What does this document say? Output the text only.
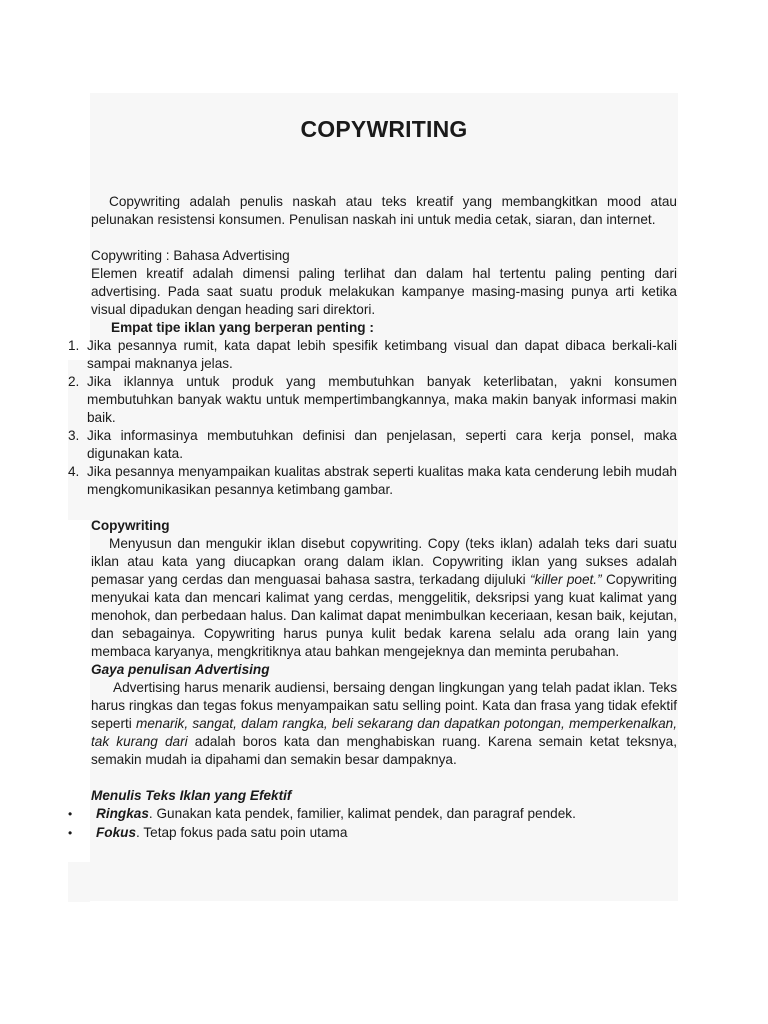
COPYWRITING

Copywriting adalah penulis naskah atau teks kreatif yang membangkitkan mood atau pelunakan resistensi konsumen. Penulisan naskah ini untuk media cetak, siaran, dan internet.

Copywriting : Bahasa Advertising

Elemen kreatif adalah dimensi paling terlihat dan dalam hal tertentu paling penting dari advertising. Pada saat suatu produk melakukan kampanye masing-masing punya arti ketika visual dipadukan dengan heading sari direktori.

Empat tipe iklan yang berperan penting :

1. Jika pesannya rumit, kata dapat lebih spesifik ketimbang visual dan dapat dibaca berkali-kali sampai maknanya jelas.
2. Jika iklannya untuk produk yang membutuhkan banyak keterlibatan, yakni konsumen membutuhkan banyak waktu untuk mempertimbangkannya, maka makin banyak informasi makin baik.
3. Jika informasinya membutuhkan definisi dan penjelasan, seperti cara kerja ponsel, maka digunakan kata.
4. Jika pesannya menyampaikan kualitas abstrak seperti kualitas maka kata cenderung lebih mudah mengkomunikasikan pesannya ketimbang gambar.

Copywriting

Menyusun dan mengukir iklan disebut copywriting. Copy (teks iklan) adalah teks dari suatu iklan atau kata yang diucapkan orang dalam iklan. Copywriting iklan yang sukses adalah pemasar yang cerdas dan menguasai bahasa sastra, terkadang dijuluki “killer poet.” Copywriting menyukai kata dan mencari kalimat yang cerdas, menggelitik, deksripsi yang kuat kalimat yang menohok, dan perbedaan halus. Dan kalimat dapat menimbulkan keceriaan, kesan baik, kejutan, dan sebagainya. Copywriting harus punya kulit bedak karena selalu ada orang lain yang membaca karyanya, mengkritiknya atau bahkan mengejeknya dan meminta perubahan.

Gaya penulisan Advertising

Advertising harus menarik audiensi, bersaing dengan lingkungan yang telah padat iklan. Teks harus ringkas dan tegas fokus menyampaikan satu selling point. Kata dan frasa yang tidak efektif seperti menarik, sangat, dalam rangka, beli sekarang dan dapatkan potongan, memperkenalkan, tak kurang dari adalah boros kata dan menghabiskan ruang. Karena semain ketat teksnya, semakin mudah ia dipahami dan semakin besar dampaknya.

Menulis Teks Iklan yang Efektif

• Ringkas. Gunakan kata pendek, familier, kalimat pendek, dan paragraf pendek.
• Fokus. Tetap fokus pada satu poin utama
